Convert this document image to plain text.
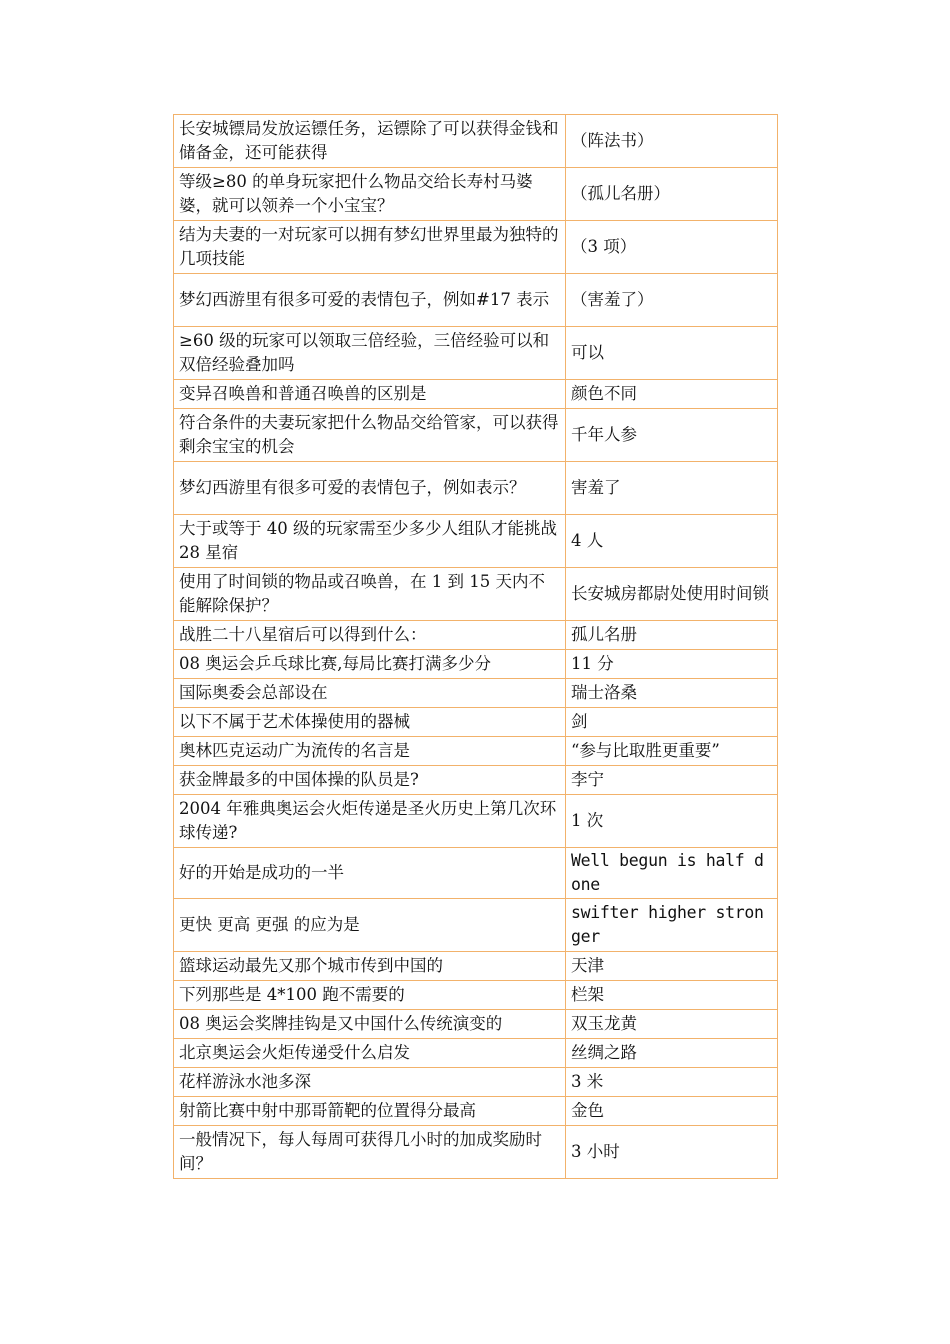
长安城镖局发放运镖任务，运镖除了可以获得金钱和储备金，还可能获得	（阵法书）
等级≥80 的单身玩家把什么物品交给长寿村马婆婆，就可以领养一个小宝宝？	（孤儿名册）
结为夫妻的一对玩家可以拥有梦幻世界里最为独特的几项技能	（3 项）
梦幻西游里有很多可爱的表情包子，例如#17 表示	（害羞了）
≥60 级的玩家可以领取三倍经验，三倍经验可以和双倍经验叠加吗	可以
变异召唤兽和普通召唤兽的区别是	颜色不同
符合条件的夫妻玩家把什么物品交给管家，可以获得剩余宝宝的机会	千年人参
梦幻西游里有很多可爱的表情包子，例如表示？	害羞了
大于或等于 40 级的玩家需至少多少人组队才能挑战 28 星宿	4 人
使用了时间锁的物品或召唤兽，在 1 到 15 天内不能解除保护？	长安城房都尉处使用时间锁
战胜二十八星宿后可以得到什么：	孤儿名册
08 奥运会乒乓球比赛,每局比赛打满多少分	11 分
国际奥委会总部设在	瑞士洛桑
以下不属于艺术体操使用的器械	剑
奥林匹克运动广为流传的名言是	“参与比取胜更重要”
获金牌最多的中国体操的队员是?	李宁
2004 年雅典奥运会火炬传递是圣火历史上第几次环球传递?	1 次
好的开始是成功的一半	Well begun is half done
更快 更高 更强 的应为是	swifter higher stronger
篮球运动最先又那个城市传到中国的	天津
下列那些是 4*100 跑不需要的	栏架
08 奥运会奖牌挂钩是又中国什么传统演变的	双玉龙黄
北京奥运会火炬传递受什么启发	丝绸之路
花样游泳水池多深	3 米
射箭比赛中射中那哥箭靶的位置得分最高	金色
一般情况下，每人每周可获得几小时的加成奖励时间？	3 小时
